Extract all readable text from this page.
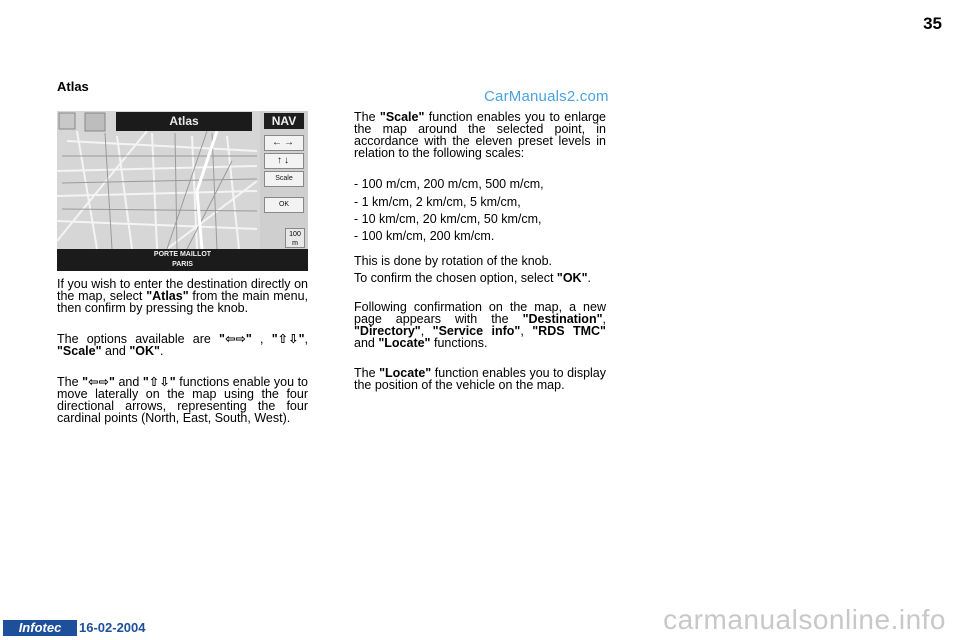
35
Atlas
CarManuals2.com
Atlas	NAV
←→
↑↓
Scale
OK
100
m
PORTE MAILLOT
PARIS
If you wish to enter the destination directly on the map, select "Atlas" from the main menu, then confirm by pressing the knob.
The options available are "⇦⇨" , "⇧⇩", "Scale" and "OK".
The "⇦⇨" and "⇧⇩" functions enable you to move laterally on the map using the four directional arrows, representing the four cardinal points (North, East, South, West).
The "Scale" function enables you to enlarge the map around the selected point, in accordance with the eleven preset levels in relation to the following scales:
- 100 m/cm, 200 m/cm, 500 m/cm,
- 1 km/cm, 2 km/cm, 5 km/cm,
- 10 km/cm, 20 km/cm, 50 km/cm,
- 100 km/cm, 200 km/cm.
This is done by rotation of the knob.
To confirm the chosen option, select "OK".
Following confirmation on the map, a new page appears with the "Destination", "Directory", "Service info", "RDS TMC" and "Locate" functions.
The "Locate" function enables you to display the position of the vehicle on the map.
Infotec	16-02-2004	carmanualsonline.info
